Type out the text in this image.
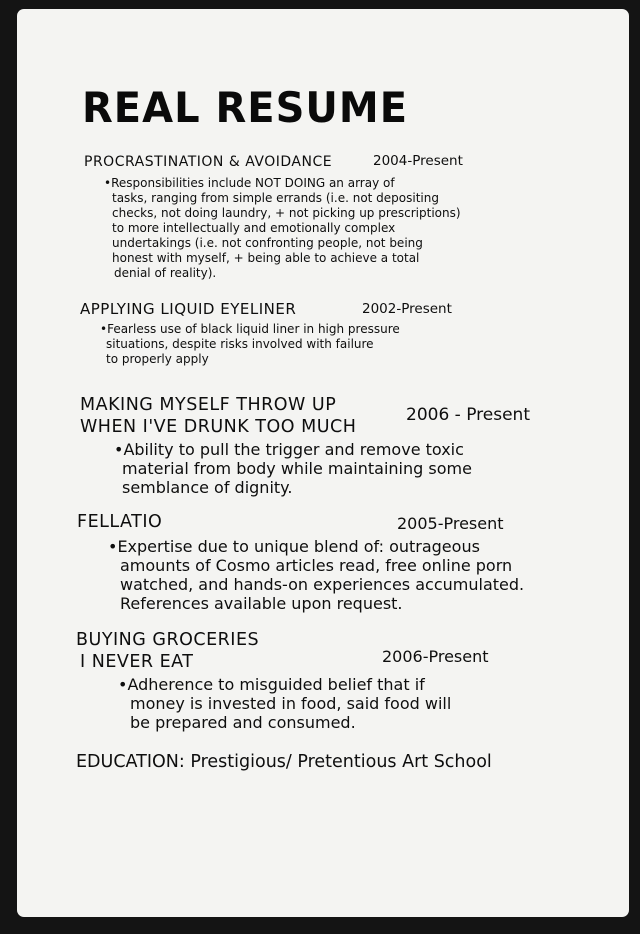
REAL RESUME
PROCRASTINATION & AVOIDANCE	2004-Present
•Responsibilities include NOT DOING an array of
tasks, ranging from simple errands (i.e. not depositing
checks, not doing laundry, + not picking up prescriptions)
to more intellectually and emotionally complex
undertakings (i.e. not confronting people, not being
honest with myself, + being able to achieve a total
denial of reality).
APPLYING LIQUID EYELINER	2002-Present
•Fearless use of black liquid liner in high pressure
situations, despite risks involved with failure
to properly apply
MAKING MYSELF THROW UP
WHEN I'VE DRUNK TOO MUCH
2006 - Present
•Ability to pull the trigger and remove toxic
material from body while maintaining some
semblance of dignity.
FELLATIO	2005-Present
•Expertise due to unique blend of: outrageous
amounts of Cosmo articles read, free online porn
watched, and hands-on experiences accumulated.
References available upon request.
BUYING GROCERIES
I NEVER EAT	2006-Present
•Adherence to misguided belief that if
money is invested in food, said food will
be prepared and consumed.
EDUCATION: Prestigious/ Pretentious Art School
